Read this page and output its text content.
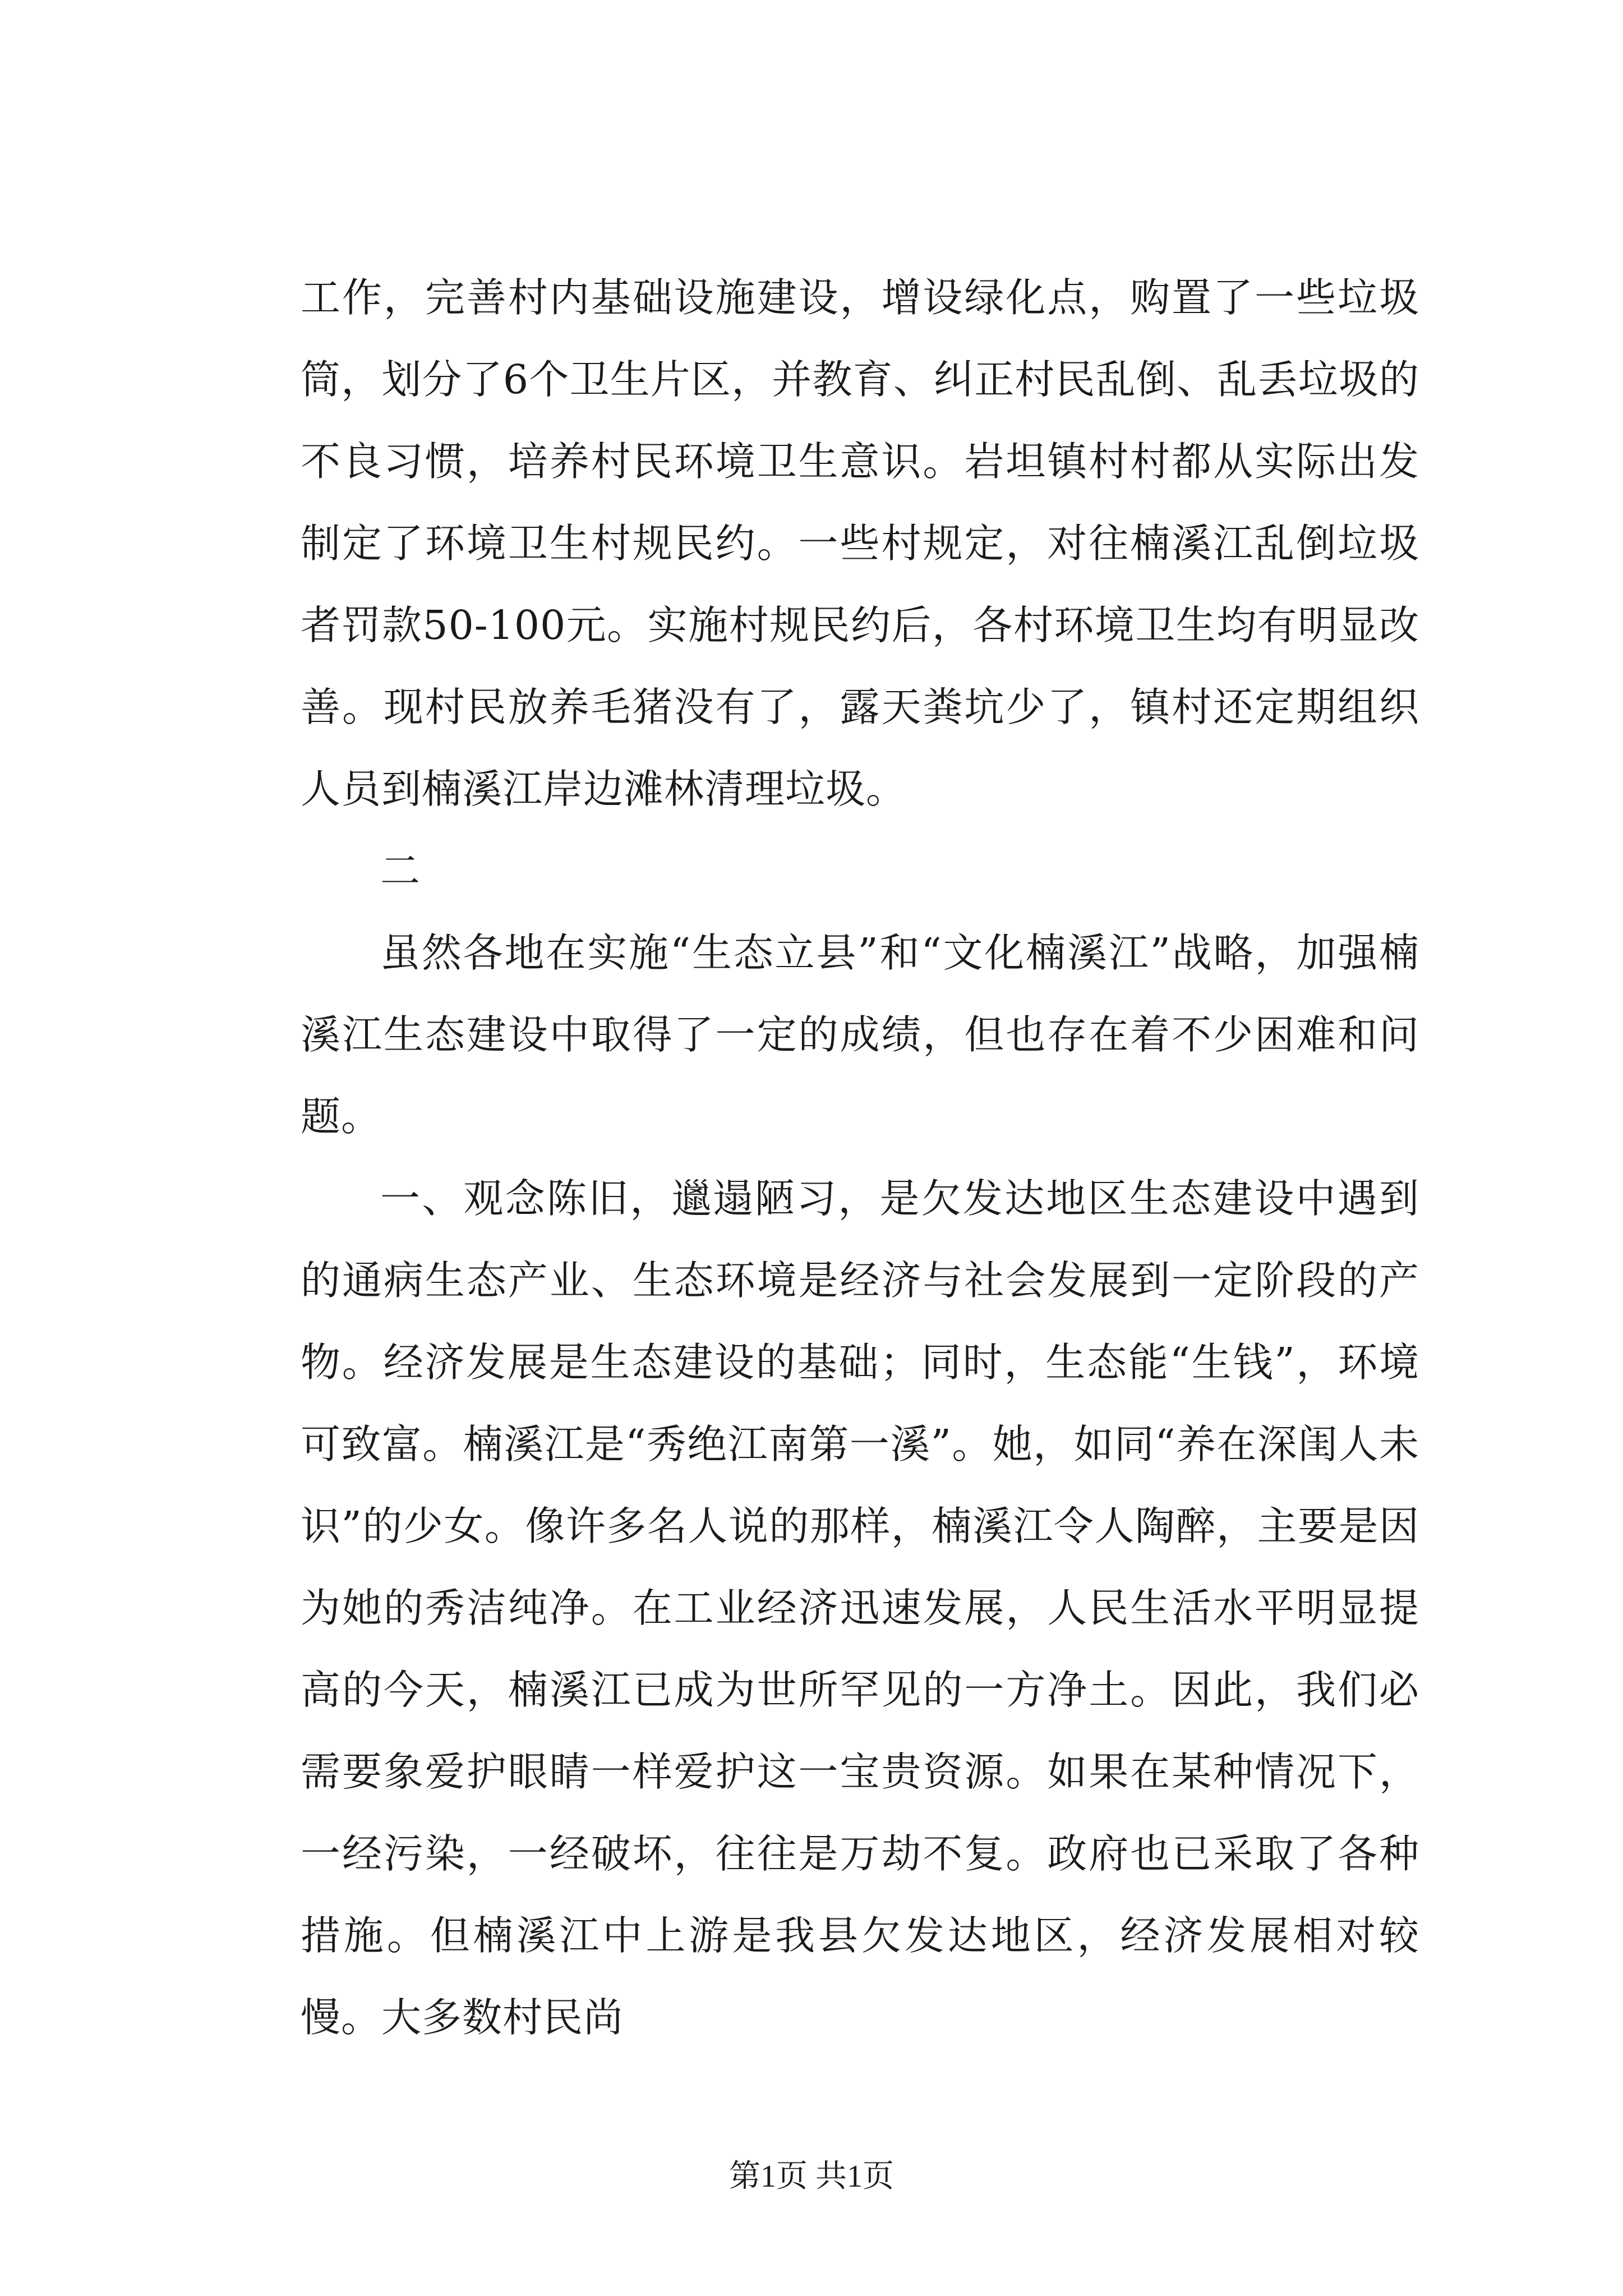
工作，完善村内基础设施建设，增设绿化点，购置了一些垃圾筒，划分了6个卫生片区，并教育、纠正村民乱倒、乱丢垃圾的不良习惯，培养村民环境卫生意识。岩坦镇村村都从实际出发制定了环境卫生村规民约。一些村规定，对往楠溪江乱倒垃圾者罚款50-100元。实施村规民约后，各村环境卫生均有明显改善。现村民放养毛猪没有了，露天粪坑少了，镇村还定期组织人员到楠溪江岸边滩林清理垃圾。

二

虽然各地在实施“生态立县”和“文化楠溪江”战略，加强楠溪江生态建设中取得了一定的成绩，但也存在着不少困难和问题。

一、观念陈旧，邋遢陋习，是欠发达地区生态建设中遇到的通病生态产业、生态环境是经济与社会发展到一定阶段的产物。经济发展是生态建设的基础；同时，生态能“生钱”，环境可致富。楠溪江是“秀绝江南第一溪”。她，如同“养在深闺人未识”的少女。像许多名人说的那样，楠溪江令人陶醉，主要是因为她的秀洁纯净。在工业经济迅速发展，人民生活水平明显提高的今天，楠溪江已成为世所罕见的一方净土。因此，我们必需要象爱护眼睛一样爱护这一宝贵资源。如果在某种情况下，一经污染，一经破坏，往往是万劫不复。政府也已采取了各种措施。但楠溪江中上游是我县欠发达地区，经济发展相对较慢。大多数村民尚

第1页 共1页
